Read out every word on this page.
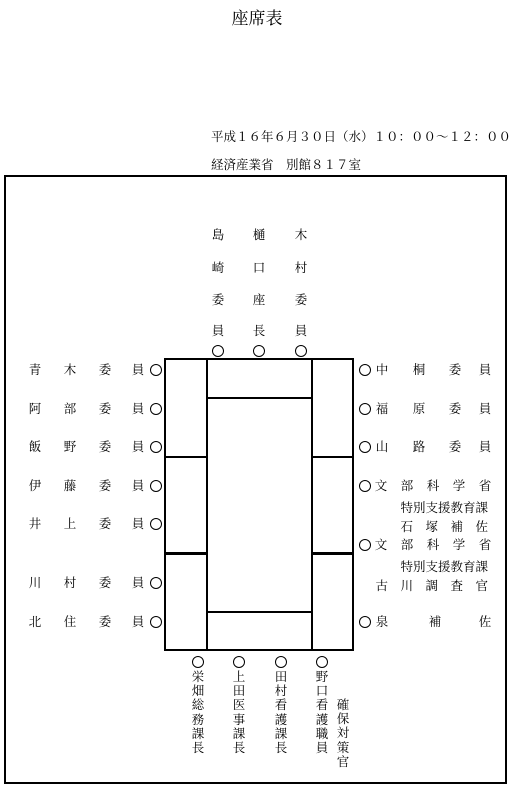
座席表
平成１６年６月３０日（水）１０：００～１２：００
経済産業省　別館８１７室
島
崎
委
員
樋
口
座
長
木
村
委
員
青	木	委	員
阿	部	委	員
飯	野	委	員
伊	藤	委	員
井	上	委	員
川	村	委	員
北	住	委	員
中	桐	委	員
福	原	委	員
山	路	委	員
文	部	科	学	省
特別支援教育課
石　塚　補　佐
文	部	科	学	省
特別支援教育課
古　川　調　査　官
泉	補	佐
栄畑総務課長
上田医事課長
田村看護課長
野口看護職員
確保対策官
